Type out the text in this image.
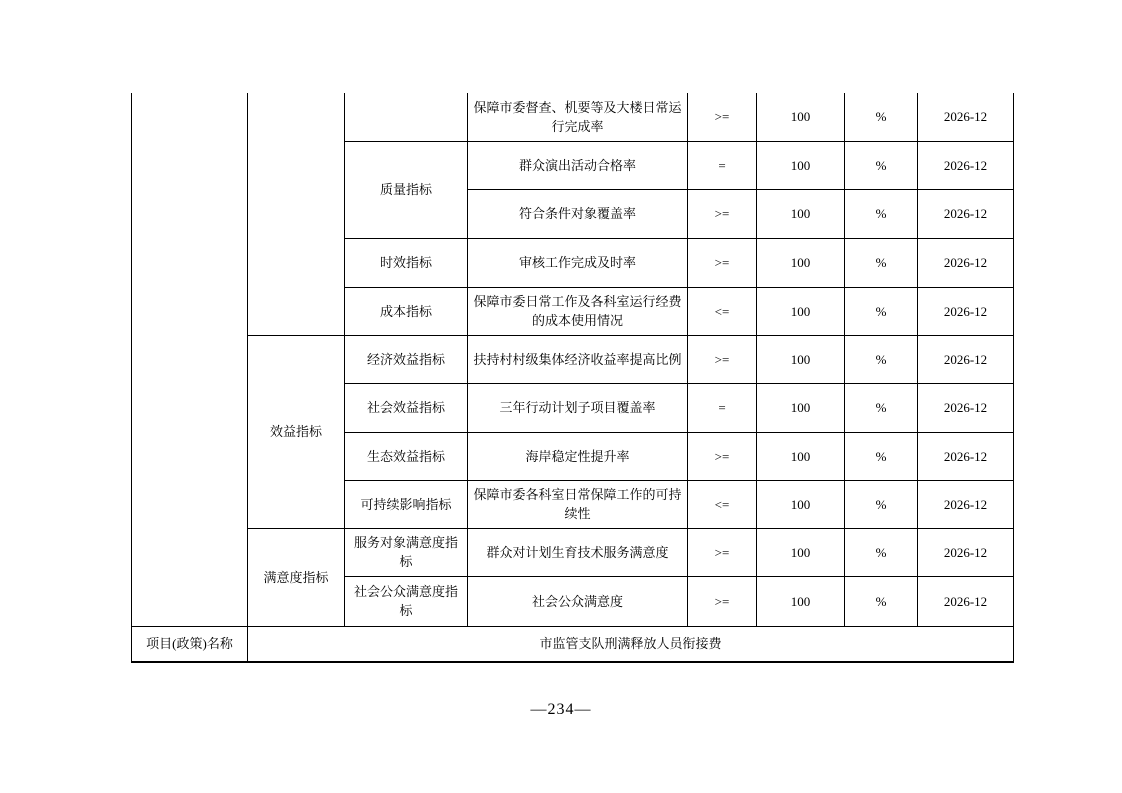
			保障市委督查、机要等及大楼日常运行完成率	>=	100	%	2026-12
		质量指标	群众演出活动合格率	=	100	%	2026-12
			符合条件对象覆盖率	>=	100	%	2026-12
		时效指标	审核工作完成及时率	>=	100	%	2026-12
		成本指标	保障市委日常工作及各科室运行经费的成本使用情况	<=	100	%	2026-12
	效益指标	经济效益指标	扶持村村级集体经济收益率提高比例	>=	100	%	2026-12
		社会效益指标	三年行动计划子项目覆盖率	=	100	%	2026-12
		生态效益指标	海岸稳定性提升率	>=	100	%	2026-12
		可持续影响指标	保障市委各科室日常保障工作的可持续性	<=	100	%	2026-12
	满意度指标	服务对象满意度指标	群众对计划生育技术服务满意度	>=	100	%	2026-12
		社会公众满意度指标	社会公众满意度	>=	100	%	2026-12
项目(政策)名称	市监管支队刑满释放人员衔接费						
—234—
